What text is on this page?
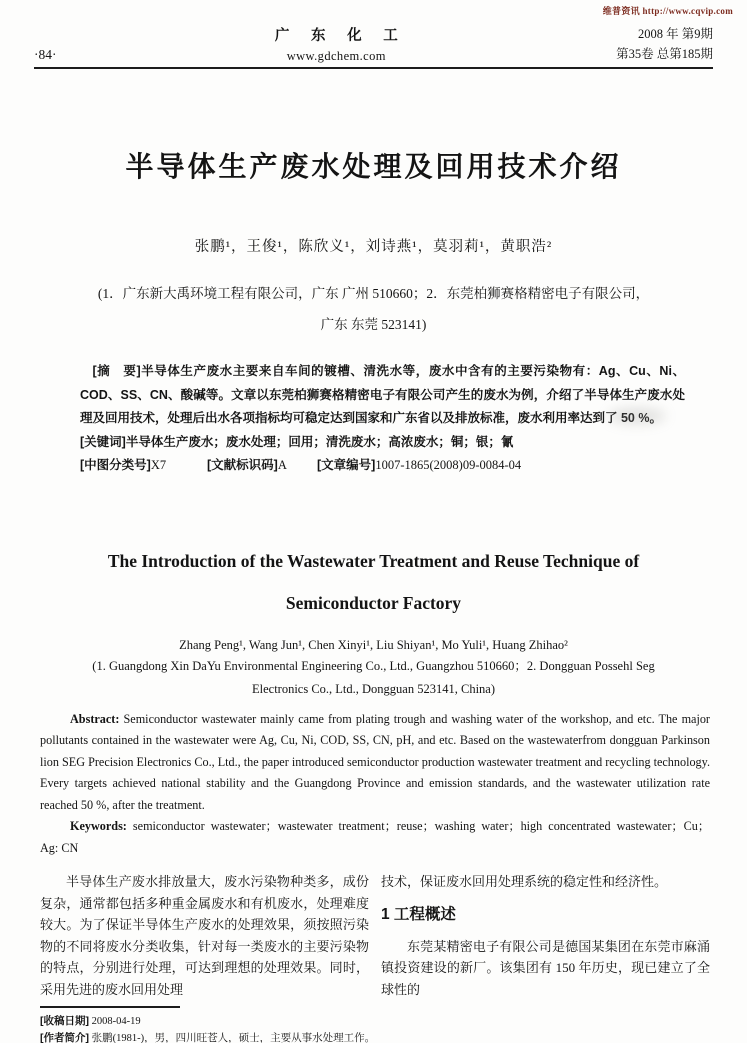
维普资讯 http://www.cqvip.com
·84·
广 东 化 工
www.gdchem.com
2008 年 第9期
第35卷 总第185期
半导体生产废水处理及回用技术介绍
张鹏¹，王俊¹，陈欣义¹，刘诗燕¹，莫羽莉¹，黄职浩²
(1．广东新大禹环境工程有限公司，广东 广州 510660；2．东莞柏狮赛格精密电子有限公司，
广东 东莞 523141)

[摘　要]半导体生产废水主要来自车间的镀槽、清洗水等，废水中含有的主要污染物有：Ag、Cu、Ni、COD、SS、CN、酸碱等。文章以东莞柏狮赛格精密电子有限公司产生的废水为例，介绍了半导体生产废水处理及回用技术，处理后出水各项指标均可稳定达到国家和广东省以及排放标准，废水利用率达到了 50 %。

[关键词]半导体生产废水；废水处理；回用；清洗废水；高浓废水；铜；银；氰

[中图分类号]X7	[文献标识码]A	[文章编号]1007-1865(2008)09-0084-04
The Introduction of the Wastewater Treatment and Reuse Technique of
Semiconductor Factory
Zhang Peng¹, Wang Jun¹, Chen Xinyi¹, Liu Shiyan¹, Mo Yuli¹, Huang Zhihao²
(1. Guangdong Xin DaYu Environmental Engineering Co., Ltd., Guangzhou 510660；2. Dongguan Possehl Seg
Electronics Co., Ltd., Dongguan 523141, China)

Abstract: Semiconductor wastewater mainly came from plating trough and washing water of the workshop, and etc. The major pollutants contained in the wastewater were Ag, Cu, Ni, COD, SS, CN, pH, and etc. Based on the wastewaterfrom dongguan Parkinson lion SEG Precision Electronics Co., Ltd., the paper introduced semiconductor production wastewater treatment and recycling technology. Every targets achieved national stability and the Guangdong Province and emission standards, and the wastewater utilization rate reached 50 %, after the treatment.

Keywords: semiconductor wastewater；wastewater treatment；reuse；washing water；high concentrated wastewater；Cu；Ag: CN

半导体生产废水排放量大，废水污染物种类多，成份复杂，通常都包括多种重金属废水和有机废水，处理难度较大。为了保证半导体生产废水的处理效果，须按照污染物的不同将废水分类收集，针对每一类废水的主要污染物的特点，分别进行处理，可达到理想的处理效果。同时，采用先进的废水回用处理

技术，保证废水回用处理系统的稳定性和经济性。

1 工程概述

东莞某精密电子有限公司是德国某集团在东莞市麻涌镇投资建设的新厂。该集团有 150 年历史，现已建立了全球性的

[收稿日期] 2008-04-19
[作者简介] 张鹏(1981-)，男，四川旺苍人，硕士，主要从事水处理工作。
